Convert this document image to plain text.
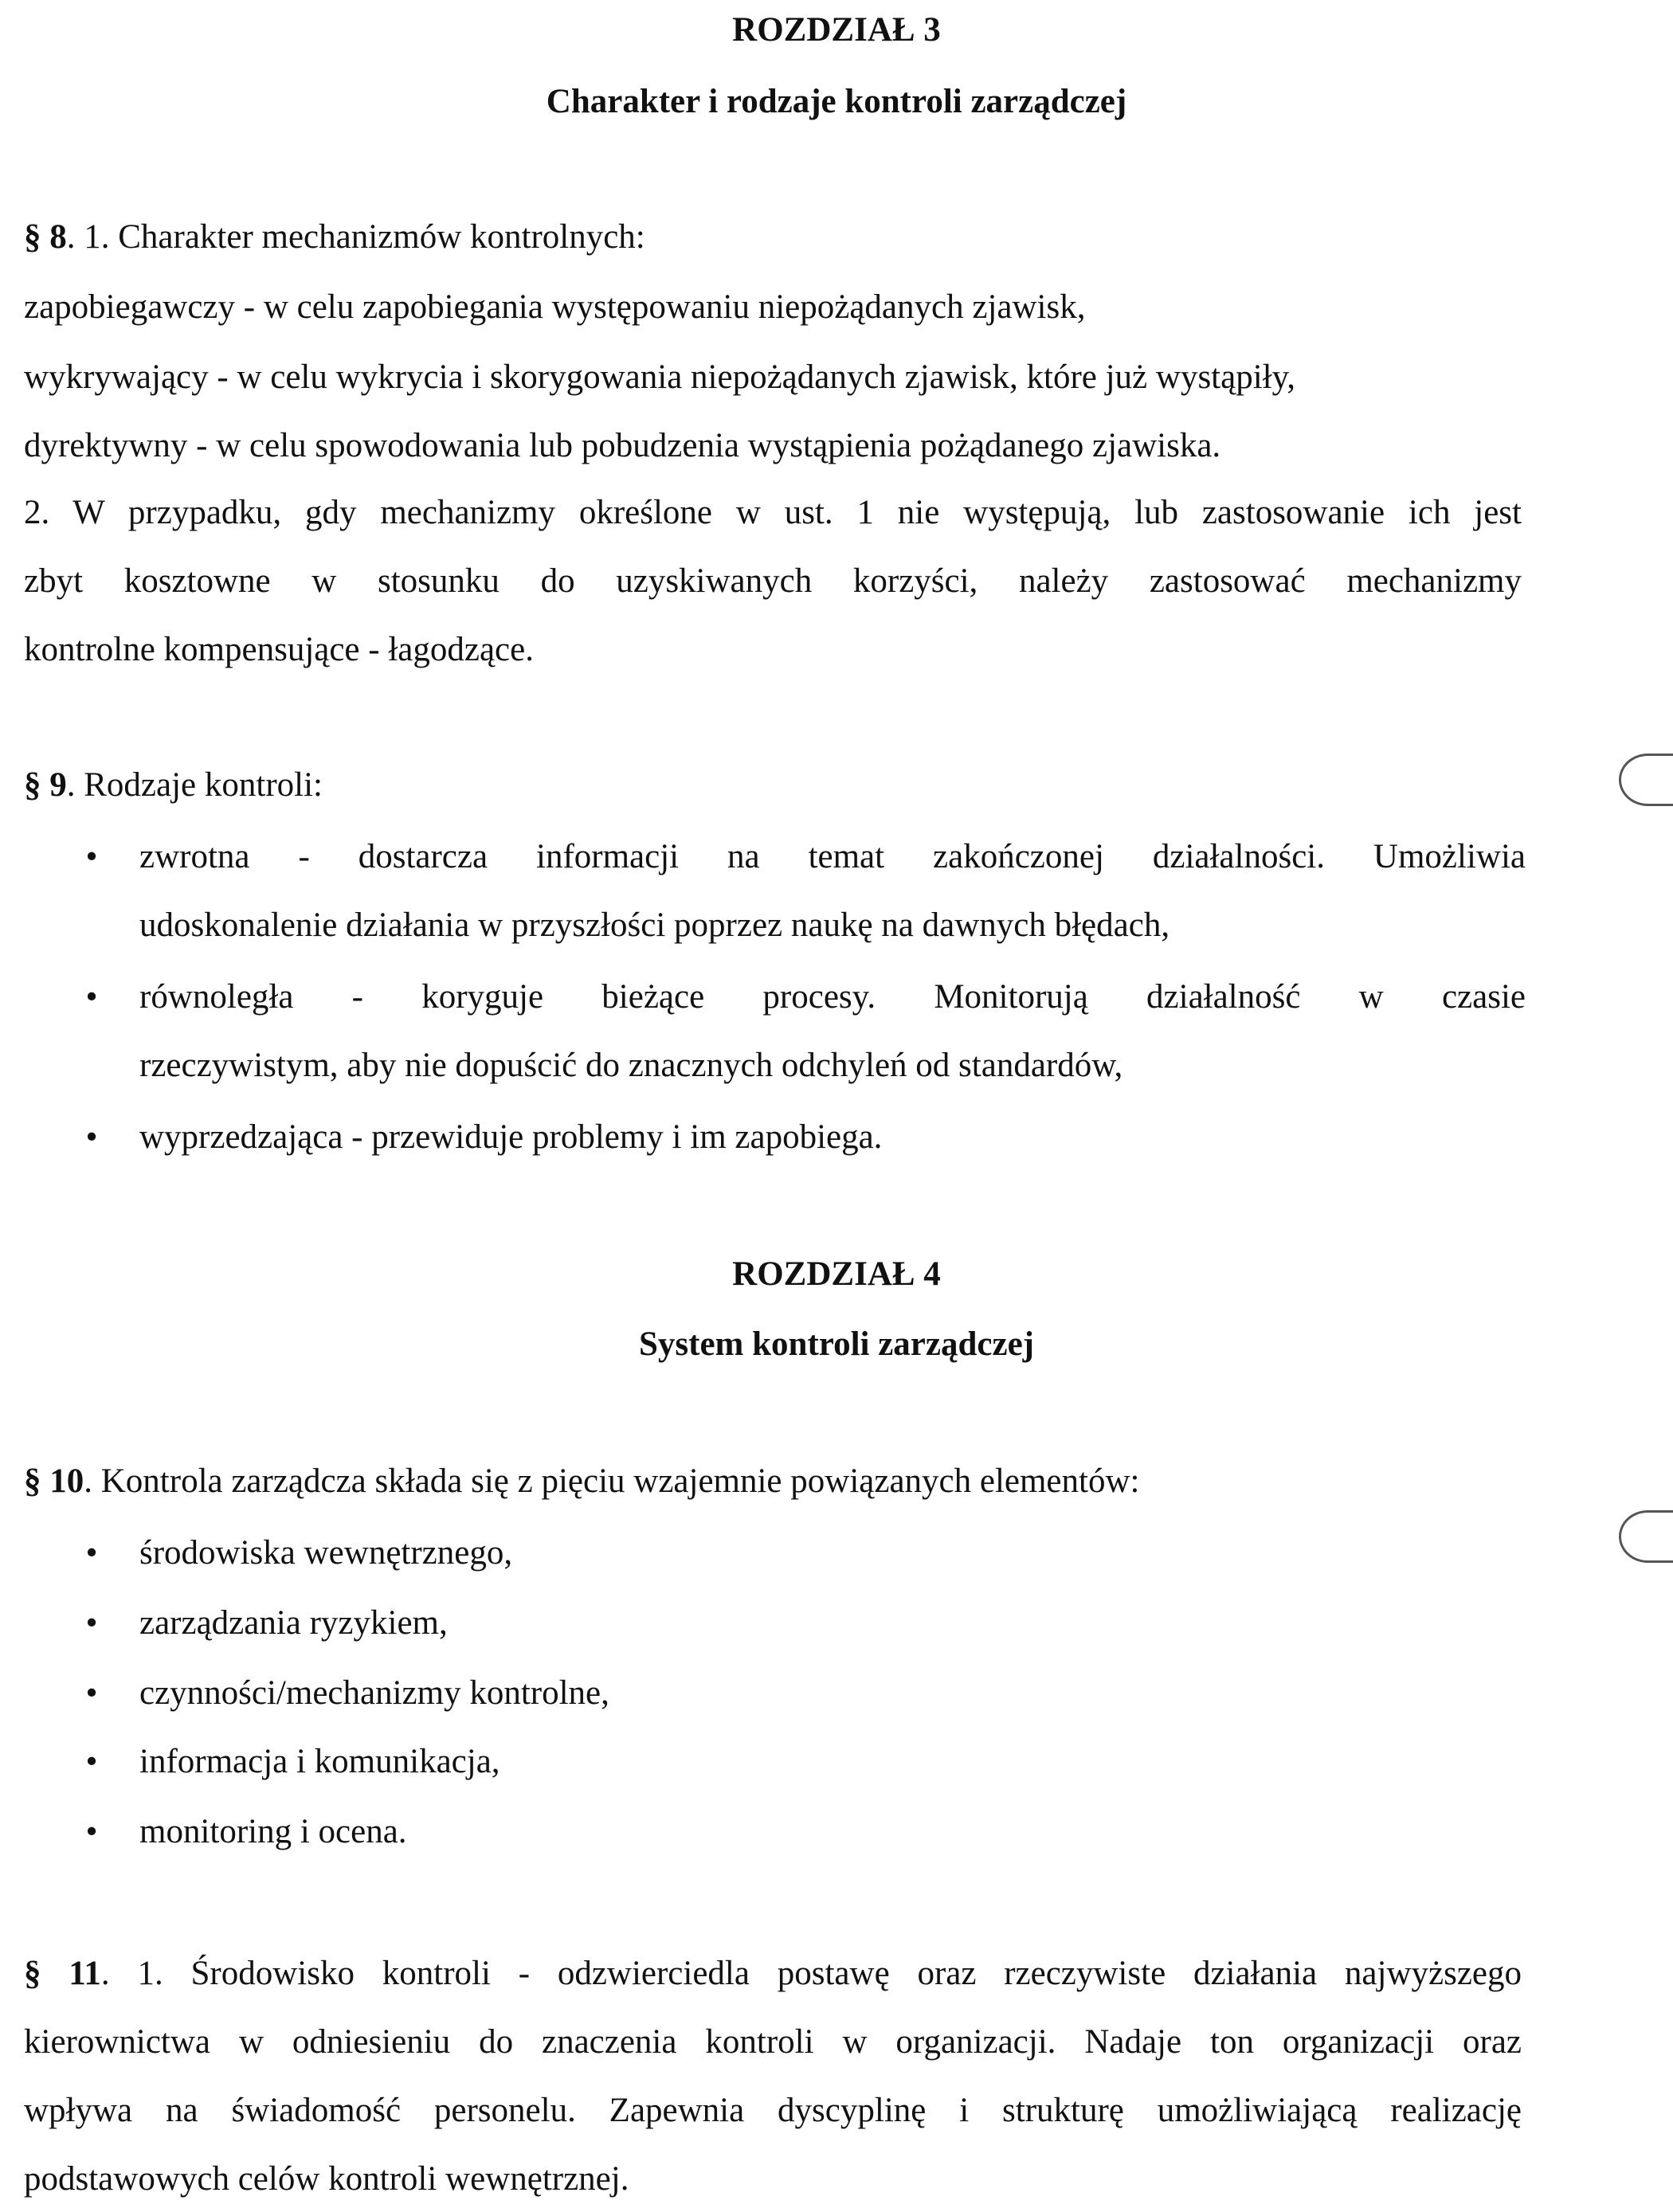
ROZDZIAŁ 3
Charakter i rodzaje kontroli zarządczej
§ 8. 1. Charakter mechanizmów kontrolnych:
zapobiegawczy - w celu zapobiegania występowaniu niepożądanych zjawisk,
wykrywający - w celu wykrycia i skorygowania niepożądanych zjawisk, które już wystąpiły,
dyrektywny - w celu spowodowania lub pobudzenia wystąpienia pożądanego zjawiska.
2. W przypadku, gdy mechanizmy określone w ust. 1 nie występują, lub zastosowanie ich jest
zbyt kosztowne w stosunku do uzyskiwanych korzyści, należy zastosować mechanizmy
kontrolne kompensujące - łagodzące.
§ 9. Rodzaje kontroli:
• zwrotna - dostarcza informacji na temat zakończonej działalności. Umożliwia
udoskonalenie działania w przyszłości poprzez naukę na dawnych błędach,
• równoległa - koryguje bieżące procesy. Monitorują działalność w czasie
rzeczywistym, aby nie dopuścić do znacznych odchyleń od standardów,
• wyprzedzająca - przewiduje problemy i im zapobiega.
ROZDZIAŁ 4
System kontroli zarządczej
§ 10. Kontrola zarządcza składa się z pięciu wzajemnie powiązanych elementów:
• środowiska wewnętrznego,
• zarządzania ryzykiem,
• czynności/mechanizmy kontrolne,
• informacja i komunikacja,
• monitoring i ocena.
§ 11. 1. Środowisko kontroli - odzwierciedla postawę oraz rzeczywiste działania najwyższego
kierownictwa w odniesieniu do znaczenia kontroli w organizacji. Nadaje ton organizacji oraz
wpływa na świadomość personelu. Zapewnia dyscyplinę i strukturę umożliwiającą realizację
podstawowych celów kontroli wewnętrznej.
